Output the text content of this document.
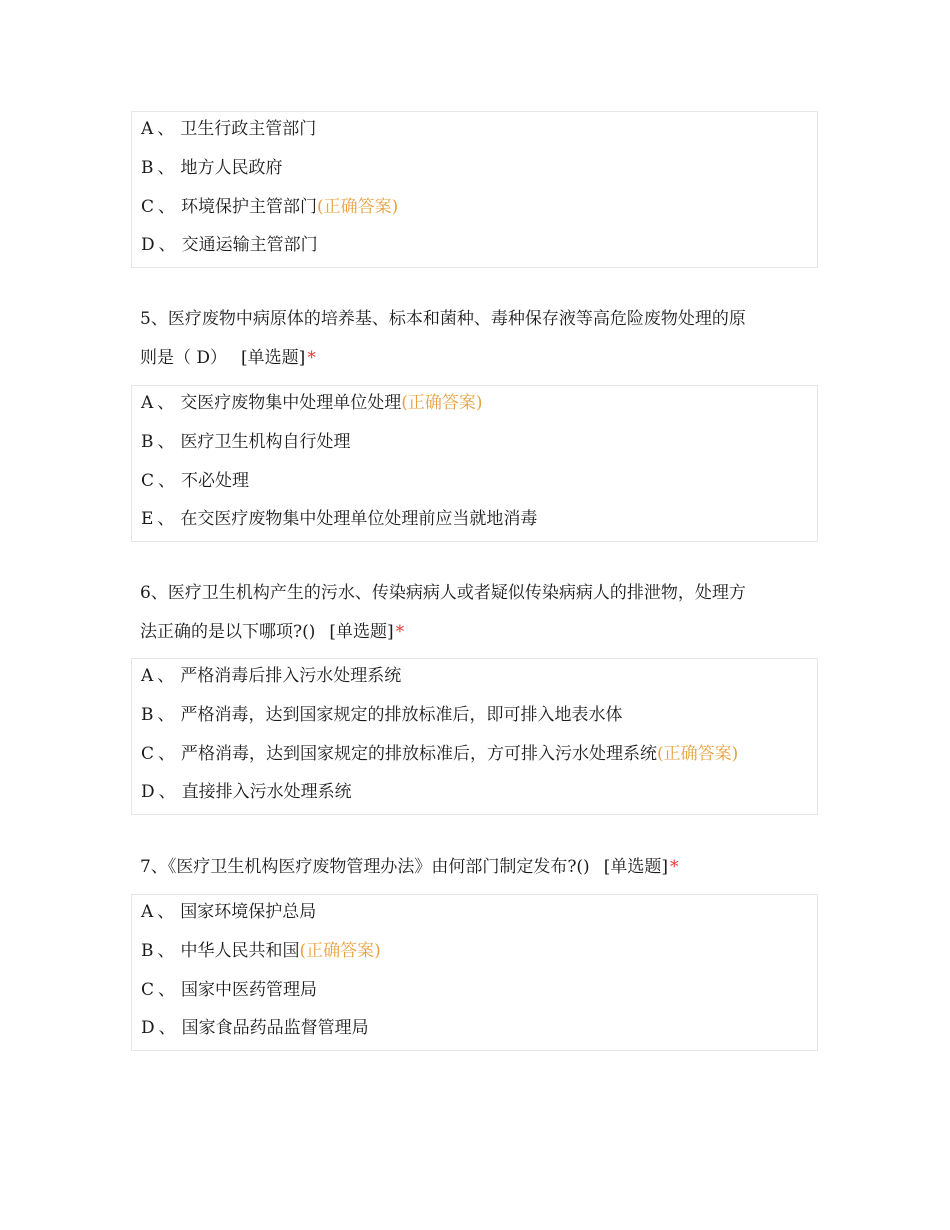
A 、 卫生行政主管部门
B 、 地方人民政府
C 、 环境保护主管部门(正确答案)
D 、 交通运输主管部门
5、医疗废物中病原体的培养基、标本和菌种、毒种保存液等高危险废物处理的原
则是（ D） [单选题] *
A 、 交医疗废物集中处理单位处理(正确答案)
B 、 医疗卫生机构自行处理
C 、 不必处理
E 、 在交医疗废物集中处理单位处理前应当就地消毒
6、医疗卫生机构产生的污水、传染病病人或者疑似传染病病人的排泄物，处理方
法正确的是以下哪项?() [单选题] *
A 、 严格消毒后排入污水处理系统
B 、 严格消毒，达到国家规定的排放标准后，即可排入地表水体
C 、 严格消毒，达到国家规定的排放标准后，方可排入污水处理系统(正确答案)
D 、 直接排入污水处理系统
7、《医疗卫生机构医疗废物管理办法》由何部门制定发布?() [单选题] *
A 、 国家环境保护总局
B 、 中华人民共和国(正确答案)
C 、 国家中医药管理局
D 、 国家食品药品监督管理局
